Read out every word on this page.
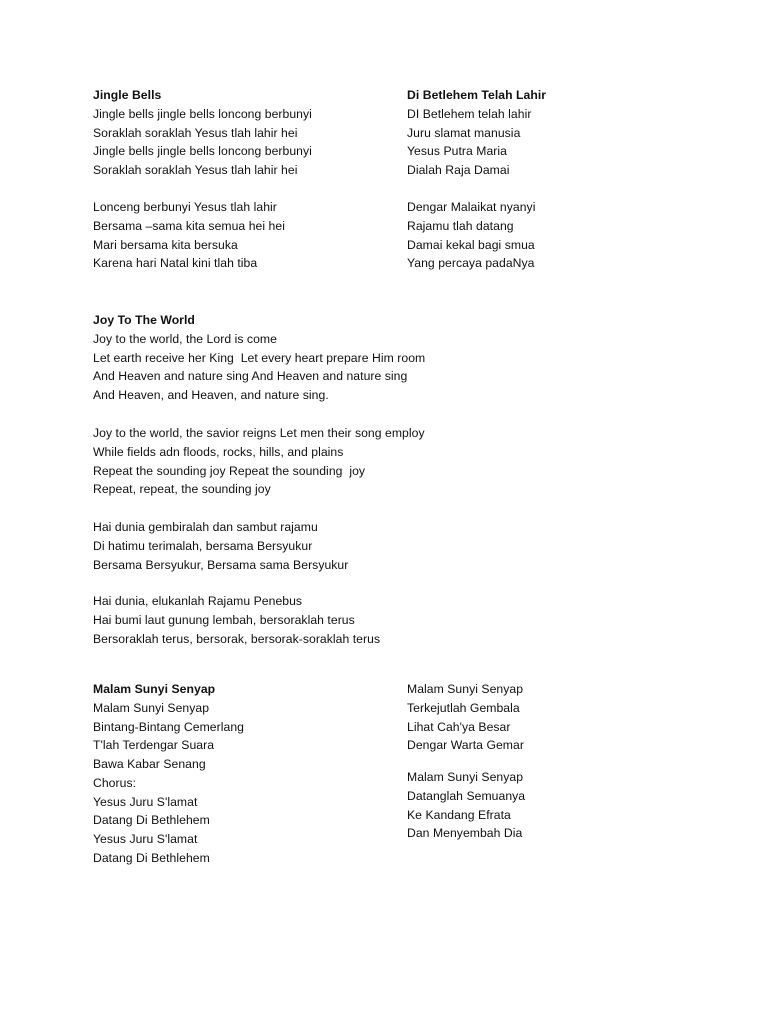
Jingle Bells
Jingle bells jingle bells loncong berbunyi
Soraklah soraklah Yesus tlah lahir hei
Jingle bells jingle bells loncong berbunyi
Soraklah soraklah Yesus tlah lahir hei
Lonceng berbunyi Yesus tlah lahir
Bersama –sama kita semua hei hei
Mari bersama kita bersuka
Karena hari Natal kini tlah tiba
Di Betlehem Telah Lahir
DI Betlehem telah lahir
Juru slamat manusia
Yesus Putra Maria
Dialah Raja Damai
Dengar Malaikat nyanyi
Rajamu tlah datang
Damai kekal bagi smua
Yang percaya padaNya
Joy To The World
Joy to the world, the Lord is come
Let earth receive her King  Let every heart prepare Him room
And Heaven and nature sing And Heaven and nature sing
And Heaven, and Heaven, and nature sing.
Joy to the world, the savior reigns Let men their song employ
While fields adn floods, rocks, hills, and plains
Repeat the sounding joy Repeat the sounding  joy
Repeat, repeat, the sounding joy
Hai dunia gembiralah dan sambut rajamu
Di hatimu terimalah, bersama Bersyukur
Bersama Bersyukur, Bersama sama Bersyukur
Hai dunia, elukanlah Rajamu Penebus
Hai bumi laut gunung lembah, bersoraklah terus
Bersoraklah terus, bersorak, bersorak-soraklah terus
Malam Sunyi Senyap
Malam Sunyi Senyap
Bintang-Bintang Cemerlang
T'lah Terdengar Suara
Bawa Kabar Senang
Chorus:
Yesus Juru S'lamat
Datang Di Bethlehem
Yesus Juru S'lamat
Datang Di Bethlehem
Malam Sunyi Senyap
Terkejutlah Gembala
Lihat Cah'ya Besar
Dengar Warta Gemar
Malam Sunyi Senyap
Datanglah Semuanya
Ke Kandang Efrata
Dan Menyembah Dia
